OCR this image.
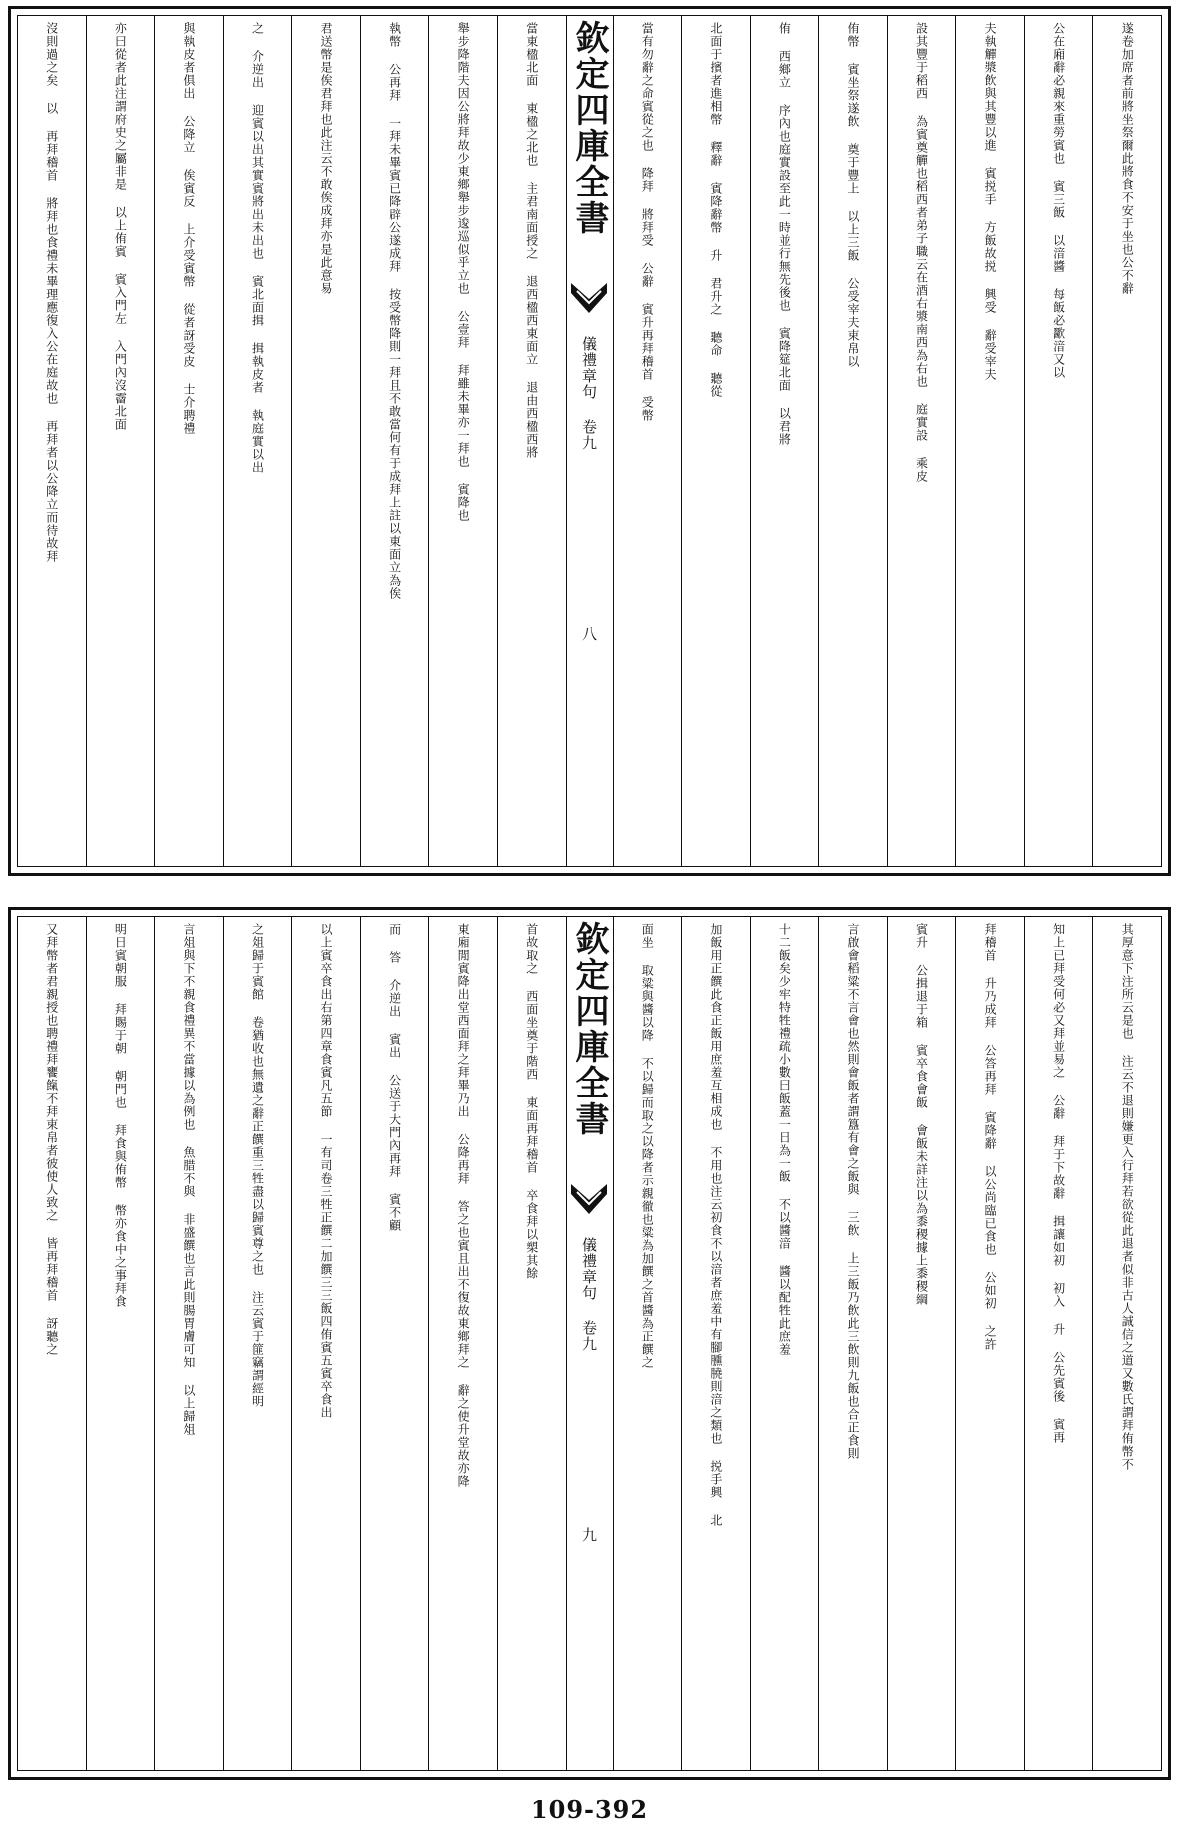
遂卷加席者前將坐祭爾此將食不安于坐也公不辭
公在廂辭必親來重勞賓也 賓三飯 以湆醬 每飯必歠湆又以
夫執觶漿飲與其豐以進 賓捝手 方飯故捝 興受 辭受宰夫
設其豐于稻西 為賓奠觶也稻西者弟子職云在酒右漿南西為右也 庭實設 乘皮
侑幣 賓坐祭遂飲 奠于豐上 以上三飯 公受宰夫束帛以
侑 西鄉立 序內也庭實設至此一時並行無先後也 賓降筵北面 以君將
北面于擯者進相幣 釋辭 賓降辭幣 升 君升之 聽命 聽從
當有勿辭之命賓從之也 降拜 將拜受 公辭 賓升再拜稽首 受幣
欽定四庫全書
儀禮章句 卷九
八
當東楹北面 東楹之北也 主君南面授之 退西楹西東面立 退由西楹西將
舉步降階夫因公將拜故少東鄉舉步逡巡似乎立也 公壹拜 拜雖未畢亦一拜也 賓降也
執幣 公再拜 一拜未畢賓已降辟公遂成拜 按受幣降則一拜且不敢當何有于成拜上註以東面立為俟
君送幣是俟君拜也此注云不敢俟成拜亦是此意易
之 介逆出 迎賓以出其實賓將出未出也 賓北面揖 揖執皮者 執庭實以出
與執皮者俱出 公降立 俟賓反 上介受賓幣 從者訝受皮 士介聘禮
亦曰從者此注謂府史之屬非是 以上侑賓 賓入門左 入門內沒霤北面
沒則過之矣 以 再拜稽首 將拜也食禮未畢理應復入公在庭故也 再拜者以公降立而待故拜
其厚意下注所云是也 注云不退則嫌更入行拜若欲從此退者似非古人誠信之道又數氏謂拜侑幣不
知上已拜受何必又拜並易之 公辭 拜于下故辭 揖讓如初 初入 升 公先賓後 賓再
拜稽首 升乃成拜 公答再拜 賓降辭 以公尚臨已食也 公如初 之許
賓升 公揖退于箱 賓卒食會飯 會飯未詳注以為黍稷據上黍稷綱
言啟會稻粱不言會也然則會飯者謂簋有會之飯與 三飲 上三飯乃飲此三飲則九飯也合正食則
十二飯矣少牢特牲禮疏小數曰飯蓋一日為一飯 不以醬湆 醬以配牲此庶羞
加飯用正饌此食正飯用庶羞互相成也 不用也注云初食不以湆者庶羞中有腳臐膮則湆之類也 捝手興 北
面坐 取粱與醬以降 不以歸而取之以降者示親徹也粱為加饌之首醬為正饌之
欽定四庫全書
儀禮章句 卷九
九
首故取之 西面坐奠于階西 東面再拜稽首 卒食拜以槊其餘
東廂閒賓降出堂西面拜之拜畢乃出 公降再拜 答之也賓且出不復故東鄉拜之 辭之使升堂故亦降
而 答 介逆出 賓出 公送于大門內再拜 賓不顧
以上賓卒食出右第四章食賓凡五節 一有司卷三牲正饌二加饌三三飯四侑賓五賓卒食出
之俎歸于賓館 卷猶收也無遺之辭正饌重三牲盡以歸賓尊之也 注云賓于篚竊謂經明
言俎與下不親食禮異不當據以為例也 魚腊不與 非盛饌也言此則腸胃膚可知 以上歸俎
明日賓朝服 拜賜于朝 朝門也 拜食與侑幣 幣亦食中之事拜食
又拜幣者君親授也聘禮拜饔餼不拜束帛者彼使人致之 皆再拜稽首 訝聽之
109-392
